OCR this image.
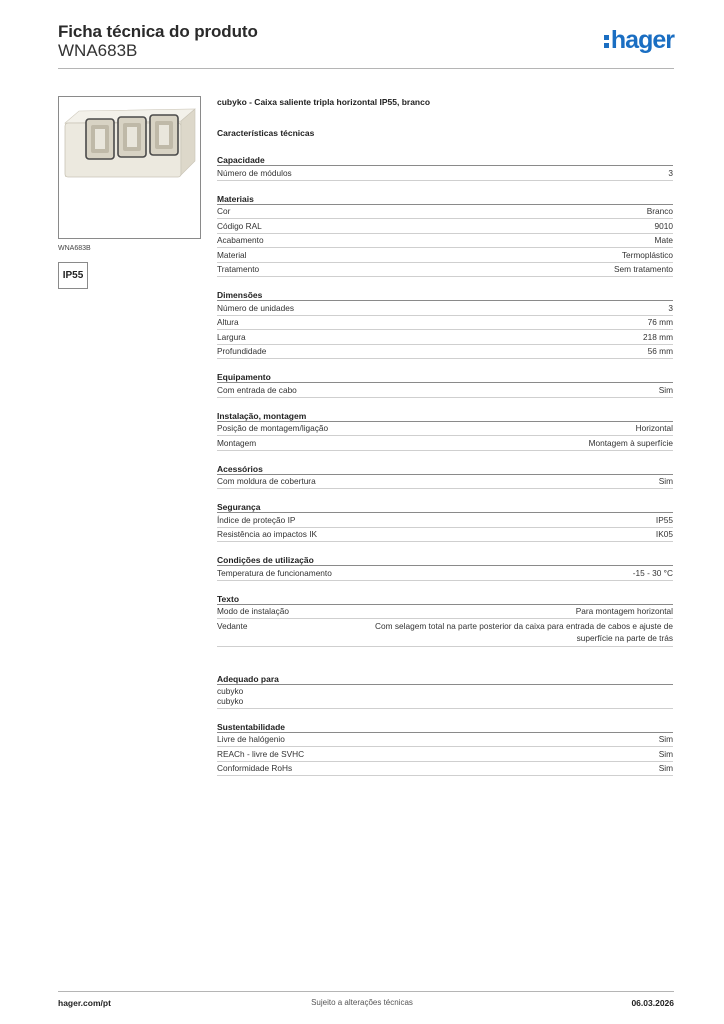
Ficha técnica do produto
WNA683B	hager
WNA683B
IP55
cubyko - Caixa saliente tripla horizontal IP55, branco
Características técnicas
Capacidade
Número de módulos	3
Materiais
Cor	Branco
Código RAL	9010
Acabamento	Mate
Material	Termoplástico
Tratamento	Sem tratamento
Dimensões
Número de unidades	3
Altura	76 mm
Largura	218 mm
Profundidade	56 mm
Equipamento
Com entrada de cabo	Sim
Instalação, montagem
Posição de montagem/ligação	Horizontal
Montagem	Montagem à superfície
Acessórios
Com moldura de cobertura	Sim
Segurança
Índice de proteção IP	IP55
Resistência ao impactos IK	IK05
Condições de utilização
Temperatura de funcionamento	-15 - 30 °C
Texto
Modo de instalação	Para montagem horizontal
Vedante	Com selagem total na parte posterior da caixa para entrada de cabos e ajuste de superfície na parte de trás
Adequado para
cubyko
cubyko
Sustentabilidade
Livre de halógenio	Sim
REACh - livre de SVHC	Sim
Conformidade RoHs	Sim
hager.com/pt	Sujeito a alterações técnicas	06.03.2026
